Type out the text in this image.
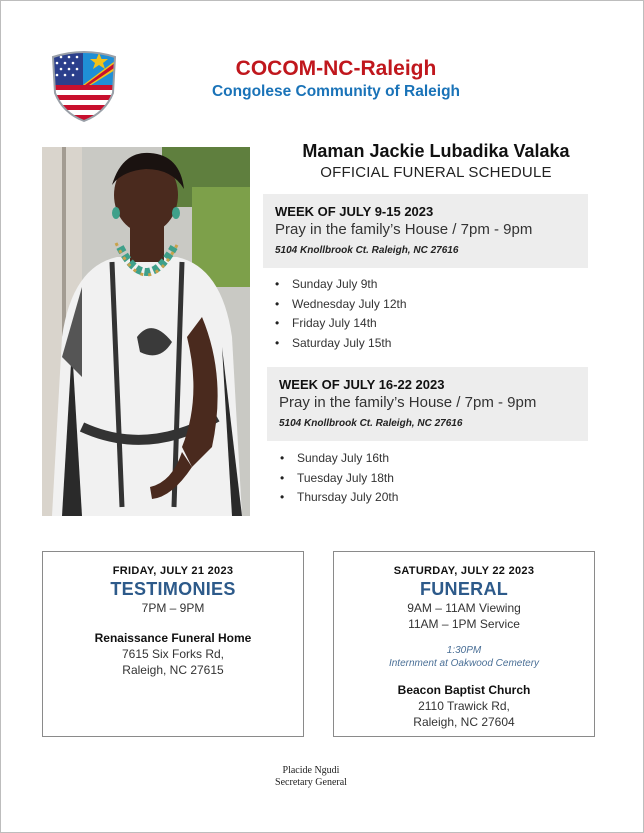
COCOM-NC-Raleigh
Congolese Community of Raleigh
Maman Jackie Lubadika Valaka
OFFICIAL FUNERAL SCHEDULE
WEEK OF JULY 9-15 2023
Pray in the family’s House / 7pm - 9pm
5104 Knollbrook Ct. Raleigh, NC 27616
• Sunday July 9th
• Wednesday July 12th
• Friday July 14th
• Saturday July 15th
WEEK OF JULY 16-22 2023
Pray in the family’s House / 7pm - 9pm
5104 Knollbrook Ct. Raleigh, NC 27616
• Sunday July 16th
• Tuesday July 18th
• Thursday July 20th
FRIDAY, JULY 21 2023
TESTIMONIES
7PM – 9PM
Renaissance Funeral Home
7615 Six Forks Rd,
Raleigh, NC 27615
SATURDAY, JULY 22 2023
FUNERAL
9AM – 11AM Viewing
11AM – 1PM Service
1:30PM
Internment at Oakwood Cemetery
Beacon Baptist Church
2110 Trawick Rd,
Raleigh, NC 27604
Placide Ngudi
Secretary General
